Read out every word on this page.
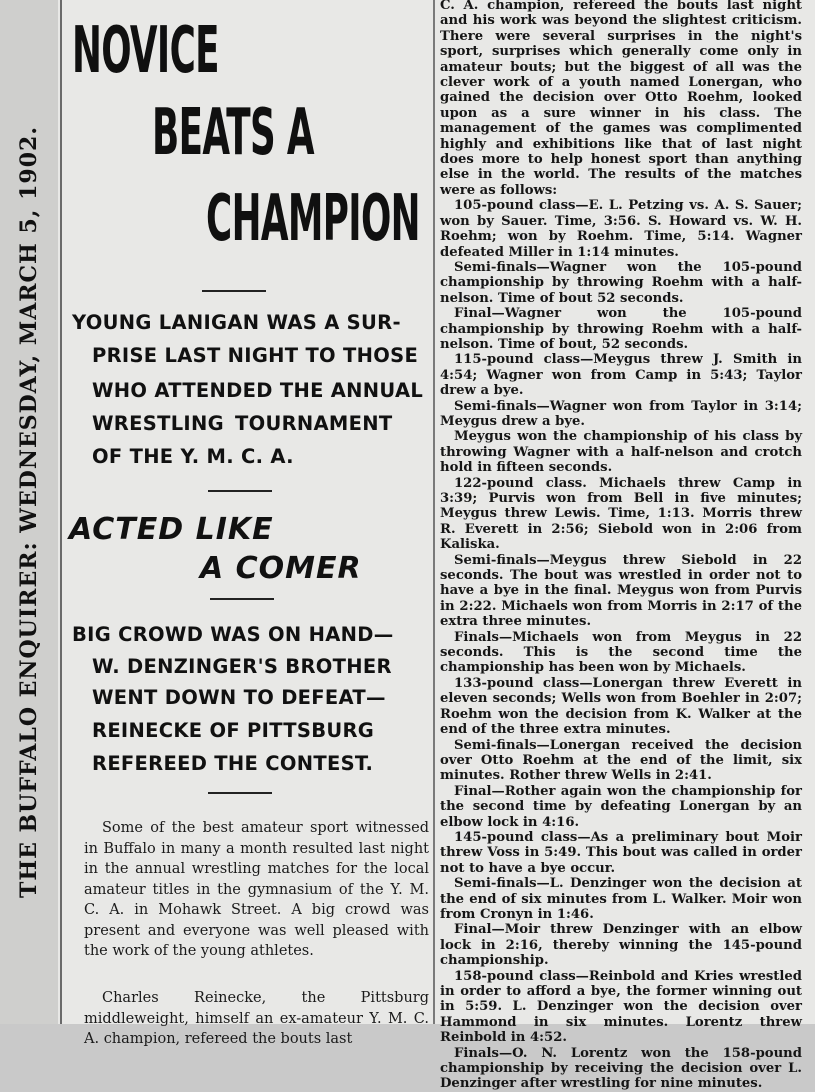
THE BUFFALO ENQUIRER: WEDNESDAY, MARCH 5, 1902.
NOVICE
BEATS A
CHAMPION
YOUNG LANIGAN WAS A SUR-
PRISE LAST NIGHT TO THOSE
WHO ATTENDED THE ANNUAL
WRESTLING TOURNAMENT
OF THE Y. M. C. A.
ACTED LIKE
A COMER
BIG CROWD WAS ON HAND—
W. DENZINGER'S BROTHER
WENT DOWN TO DEFEAT—
REINECKE OF PITTSBURG
REFEREED THE CONTEST.
Some of the best amateur sport witnessed in Buffalo in many a month resulted last night in the annual wrestling matches for the local amateur titles in the gymnasium of the Y. M. C. A. in Mohawk Street. A big crowd was present and everyone was well pleased with the work of the young athletes.
Charles Reinecke, the Pittsburg middleweight, himself an ex-amateur Y. M. C. A. champion, refereed the bouts last

C. A. champion, refereed the bouts last night and his work was beyond the slightest criticism. There were several surprises in the night's sport, surprises which generally come only in amateur bouts; but the biggest of all was the clever work of a youth named Lonergan, who gained the decision over Otto Roehm, looked upon as a sure winner in his class. The management of the games was complimented highly and exhibitions like that of last night does more to help honest sport than anything else in the world. The results of the matches were as follows:

105-pound class—E. L. Petzing vs. A. S. Sauer; won by Sauer. Time, 3:56. S. Howard vs. W. H. Roehm; won by Roehm. Time, 5:14. Wagner defeated Miller in 1:14 minutes.

Semi-finals—Wagner won the 105-pound championship by throwing Roehm with a half-nelson. Time of bout 52 seconds.

Final—Wagner won the 105-pound championship by throwing Roehm with a half-nelson. Time of bout, 52 seconds.

115-pound class—Meygus threw J. Smith in 4:54; Wagner won from Camp in 5:43; Taylor drew a bye.

Semi-finals—Wagner won from Taylor in 3:14; Meygus drew a bye.

Meygus won the championship of his class by throwing Wagner with a half-nelson and crotch hold in fifteen seconds.

122-pound class. Michaels threw Camp in 3:39; Purvis won from Bell in five minutes; Meygus threw Lewis. Time, 1:13. Morris threw R. Everett in 2:56; Siebold won in 2:06 from Kaliska.

Semi-finals—Meygus threw Siebold in 22 seconds. The bout was wrestled in order not to have a bye in the final. Meygus won from Purvis in 2:22. Michaels won from Morris in 2:17 of the extra three minutes.

Finals—Michaels won from Meygus in 22 seconds. This is the second time the championship has been won by Michaels.

133-pound class—Lonergan threw Everett in eleven seconds; Wells won from Boehler in 2:07; Roehm won the decision from K. Walker at the end of the three extra minutes.

Semi-finals—Lonergan received the decision over Otto Roehm at the end of the limit, six minutes. Rother threw Wells in 2:41.

Final—Rother again won the championship for the second time by defeating Lonergan by an elbow lock in 4:16.

145-pound class—As a preliminary bout Moir threw Voss in 5:49. This bout was called in order not to have a bye occur.

Semi-finals—L. Denzinger won the decision at the end of six minutes from L. Walker. Moir won from Cronyn in 1:46.

Final—Moir threw Denzinger with an elbow lock in 2:16, thereby winning the 145-pound championship.

158-pound class—Reinbold and Kries wrestled in order to afford a bye, the former winning out in 5:59. L. Denzinger won the decision over Hammond in six minutes. Lorentz threw Reinbold in 4:52.

Finals—O. N. Lorentz won the 158-pound championship by receiving the decision over L. Denzinger after wrestling for nine minutes.
